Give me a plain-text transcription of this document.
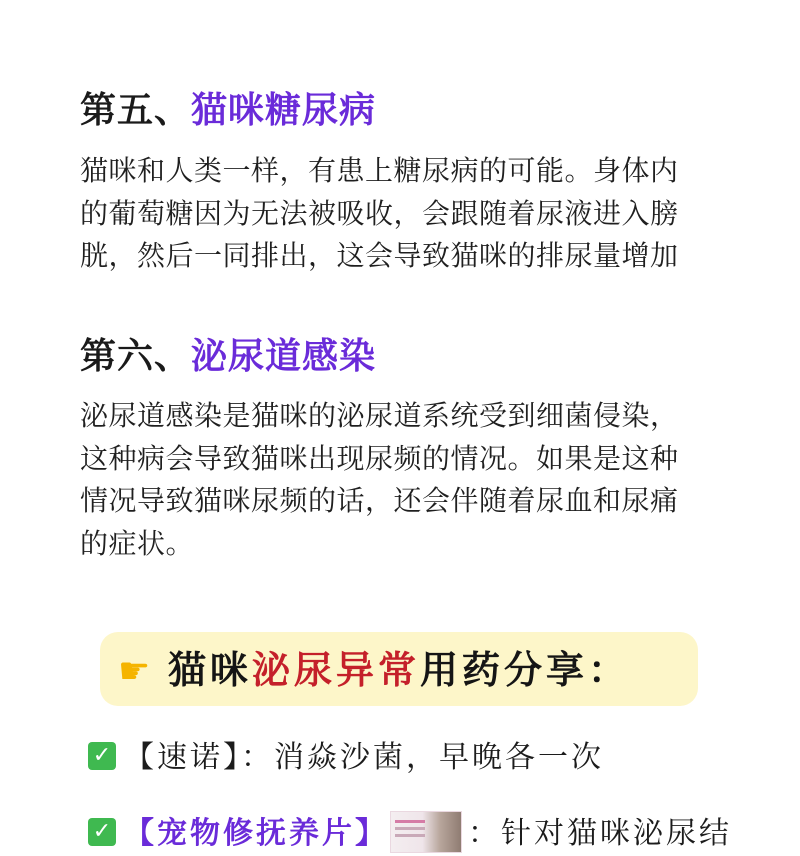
第五、猫咪糖尿病
猫咪和人类一样，有患上糖尿病的可能。身体内
的葡萄糖因为无法被吸收，会跟随着尿液进入膀
胱，然后一同排出，这会导致猫咪的排尿量增加
第六、泌尿道感染
泌尿道感染是猫咪的泌尿道系统受到细菌侵染，
这种病会导致猫咪出现尿频的情况。如果是这种
情况导致猫咪尿频的话，还会伴随着尿血和尿痛
的症状。
☛ 猫咪泌尿异常用药分享：
✓ 【速诺】：消焱沙菌，早晚各一次
✓ 【宠物修抚养片】	：针对猫咪泌尿结
